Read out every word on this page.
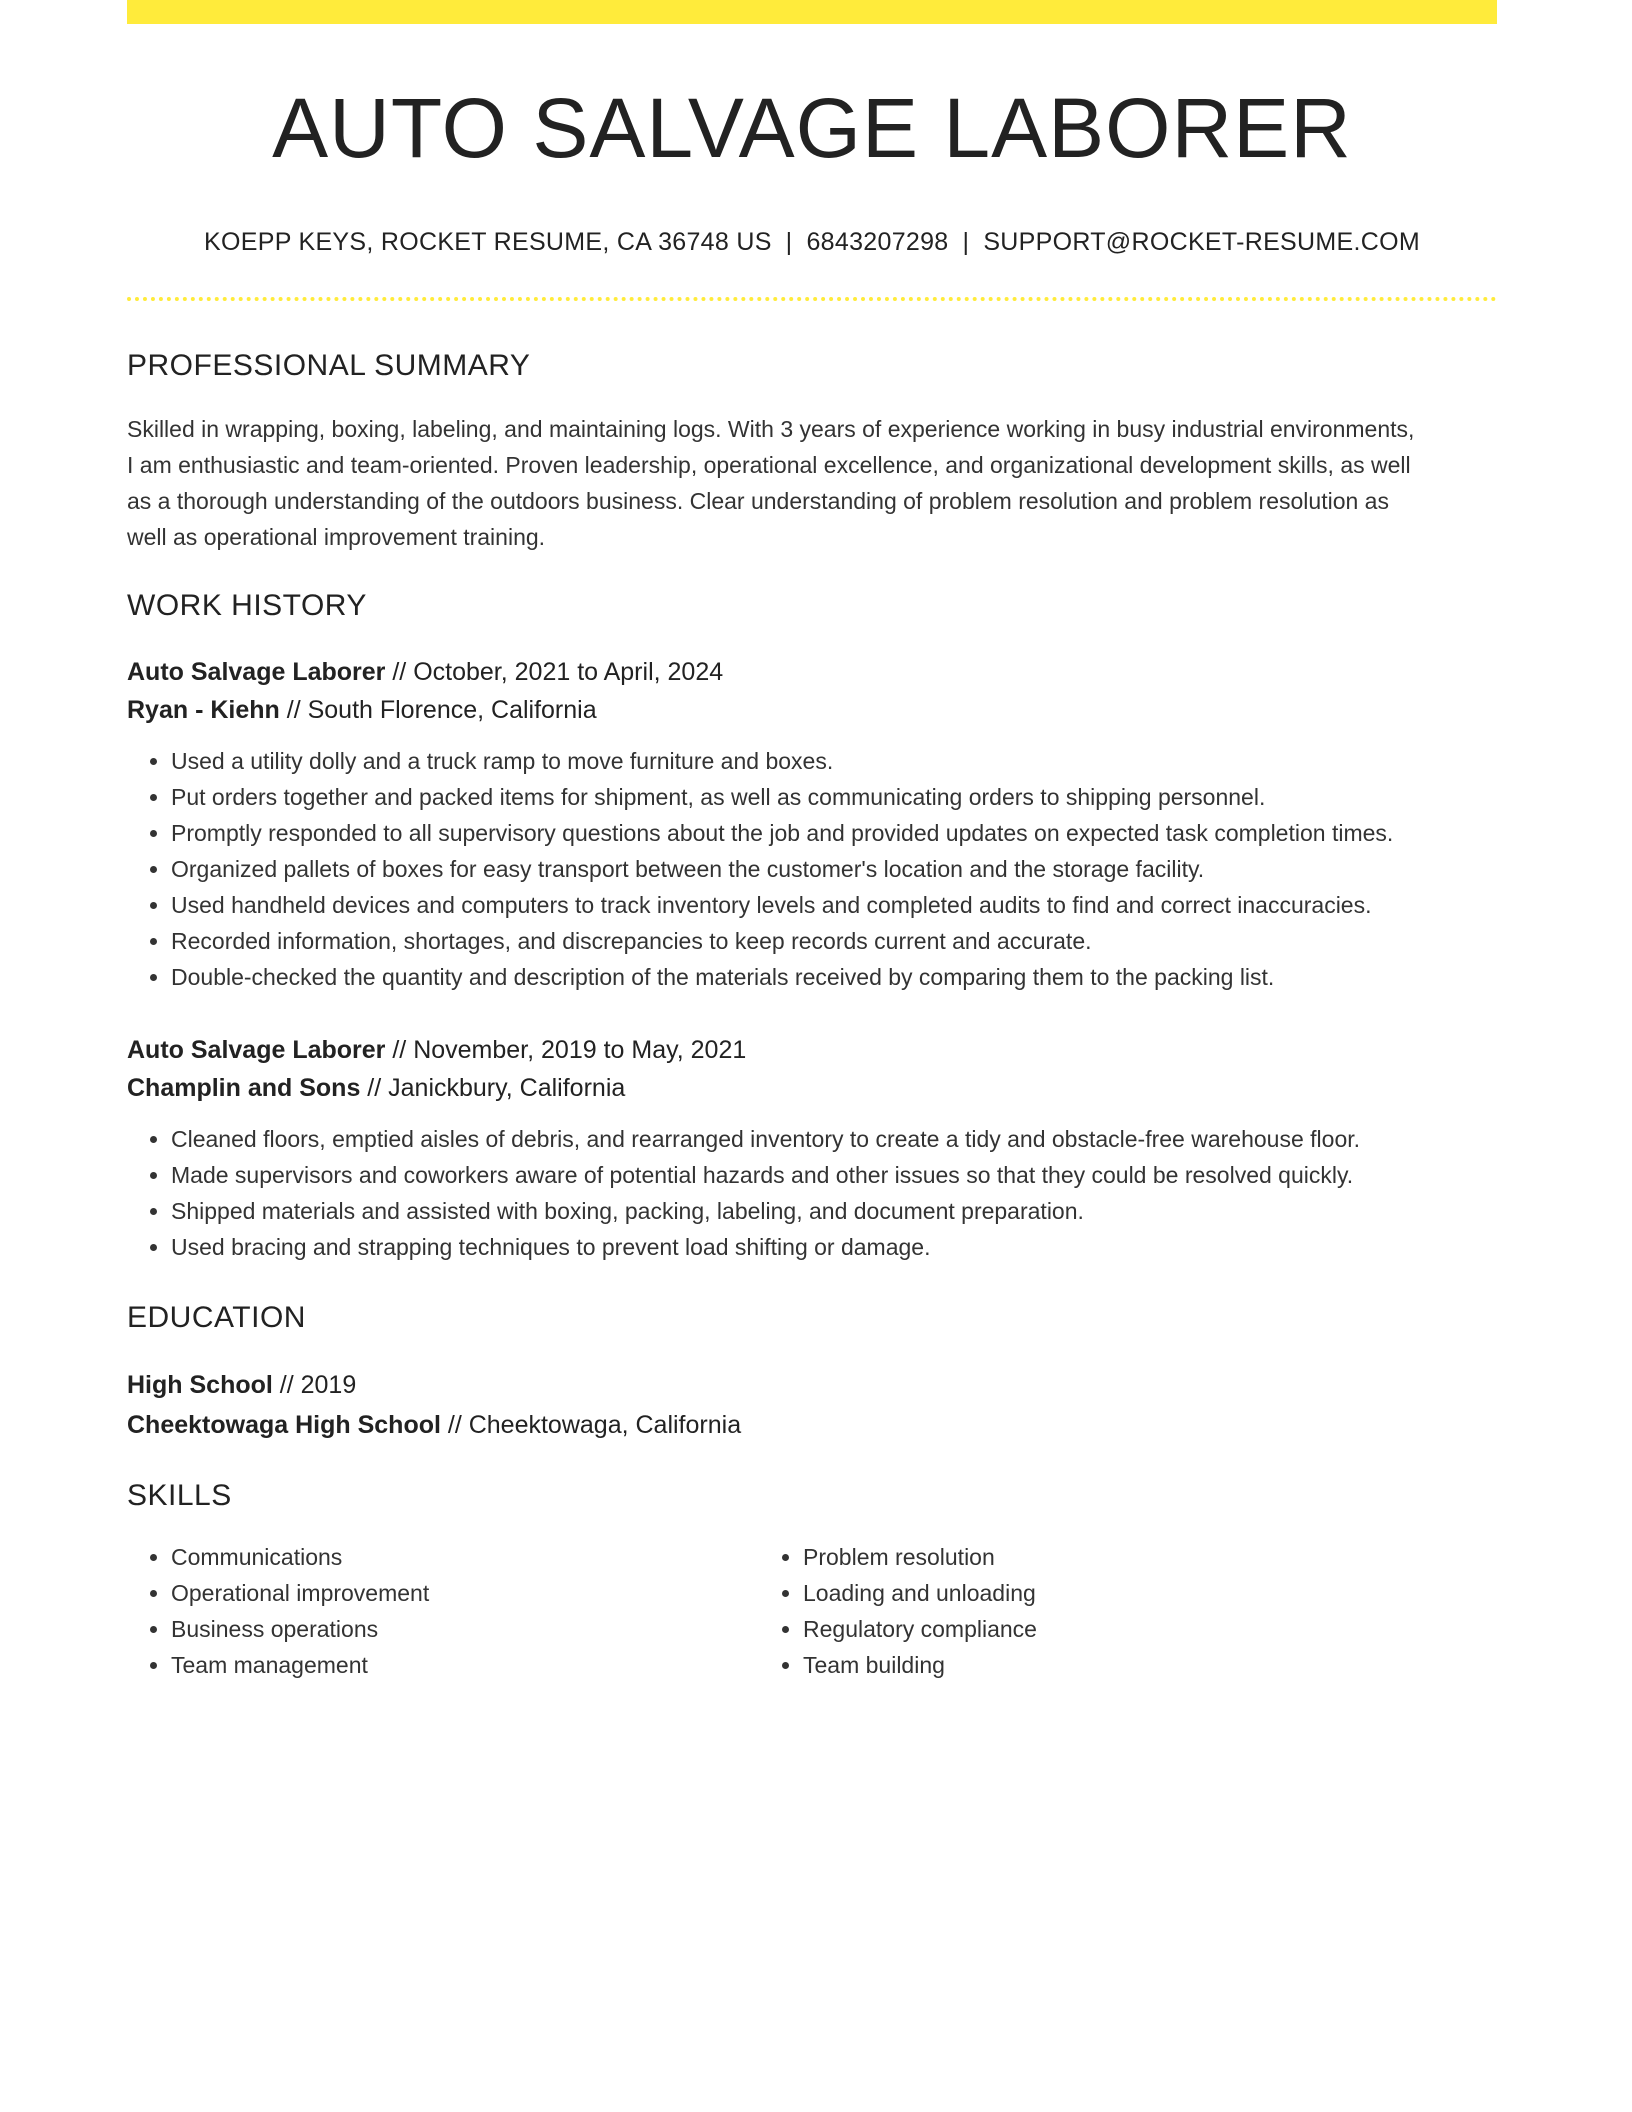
AUTO SALVAGE LABORER
KOEPP KEYS, ROCKET RESUME, CA 36748 US | 6843207298 | SUPPORT@ROCKET-RESUME.COM
PROFESSIONAL SUMMARY

Skilled in wrapping, boxing, labeling, and maintaining logs. With 3 years of experience working in busy industrial environments, I am enthusiastic and team-oriented. Proven leadership, operational excellence, and organizational development skills, as well as a thorough understanding of the outdoors business. Clear understanding of problem resolution and problem resolution as well as operational improvement training.

WORK HISTORY
Auto Salvage Laborer // October, 2021 to April, 2024
Ryan - Kiehn // South Florence, California
• Used a utility dolly and a truck ramp to move furniture and boxes.
• Put orders together and packed items for shipment, as well as communicating orders to shipping personnel.
• Promptly responded to all supervisory questions about the job and provided updates on expected task completion times.
• Organized pallets of boxes for easy transport between the customer's location and the storage facility.
• Used handheld devices and computers to track inventory levels and completed audits to find and correct inaccuracies.
• Recorded information, shortages, and discrepancies to keep records current and accurate.
• Double-checked the quantity and description of the materials received by comparing them to the packing list.
Auto Salvage Laborer // November, 2019 to May, 2021
Champlin and Sons // Janickbury, California
• Cleaned floors, emptied aisles of debris, and rearranged inventory to create a tidy and obstacle-free warehouse floor.
• Made supervisors and coworkers aware of potential hazards and other issues so that they could be resolved quickly.
• Shipped materials and assisted with boxing, packing, labeling, and document preparation.
• Used bracing and strapping techniques to prevent load shifting or damage.
EDUCATION
High School // 2019
Cheektowaga High School // Cheektowaga, California
SKILLS
• Communications
• Operational improvement
• Business operations
• Team management
• Problem resolution
• Loading and unloading
• Regulatory compliance
• Team building
